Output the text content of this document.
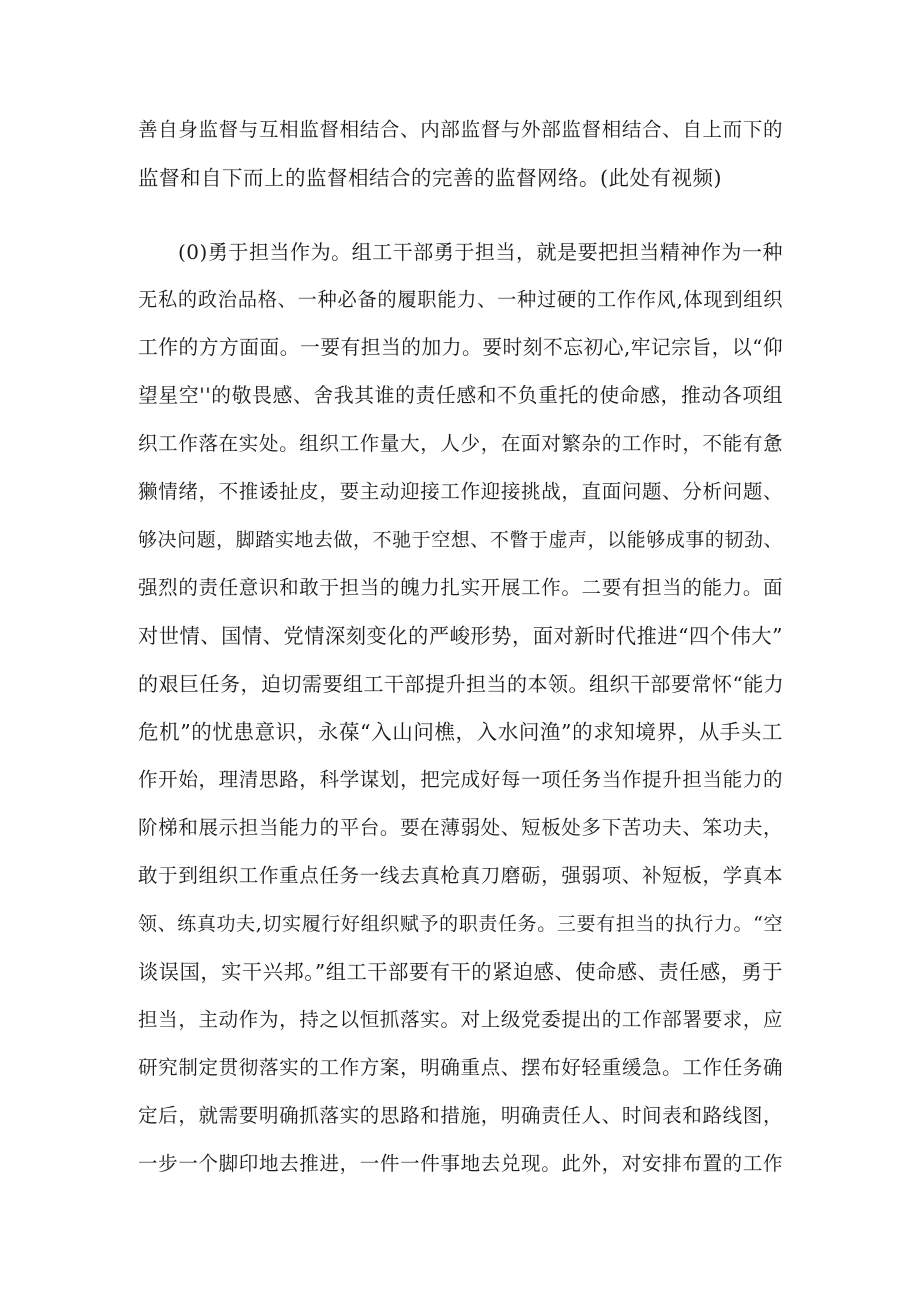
善自身监督与互相监督相结合、内部监督与外部监督相结合、自上而下的
监督和自下而上的监督相结合的完善的监督网络。(此处有视频)
(0)勇于担当作为。组工干部勇于担当，就是要把担当精神作为一种
无私的政治品格、一种必备的履职能力、一种过硬的工作作风,体现到组织
工作的方方面面。一要有担当的加力。要时刻不忘初心,牢记宗旨，以“仰
望星空''的敬畏感、舍我其谁的责任感和不负重托的使命感，推动各项组
织工作落在实处。组织工作量大，人少，在面对繁杂的工作时，不能有惫
獭情绪，不推诿扯皮，要主动迎接工作迎接挑战，直面问题、分析问题、
够决问题，脚踏实地去做，不驰于空想、不瞥于虚声，以能够成事的韧劲、
强烈的责任意识和敢于担当的魄力扎实开展工作。二要有担当的能力。面
对世情、国情、党情深刻变化的严峻形势，面对新时代推进“四个伟大”
的艰巨任务，迫切需要组工干部提升担当的本领。组织干部要常怀“能力
危机”的忧患意识，永葆“入山问樵，入水问渔”的求知境界，从手头工
作开始，理清思路，科学谋划，把完成好每一项任务当作提升担当能力的
阶梯和展示担当能力的平台。要在薄弱处、短板处多下苦功夫、笨功夫，
敢于到组织工作重点任务一线去真枪真刀磨砺，强弱项、补短板，学真本
领、练真功夫,切实履行好组织赋予的职责任务。三要有担当的执行力。“空
谈误国，实干兴邦。”组工干部要有干的紧迫感、使命感、责任感，勇于
担当，主动作为，持之以恒抓落实。对上级党委提出的工作部署要求，应
研究制定贯彻落实的工作方案，明确重点、摆布好轻重缓急。工作任务确
定后，就需要明确抓落实的思路和措施，明确责任人、时间表和路线图，
一步一个脚印地去推进，一件一件事地去兑现。此外，对安排布置的工作
